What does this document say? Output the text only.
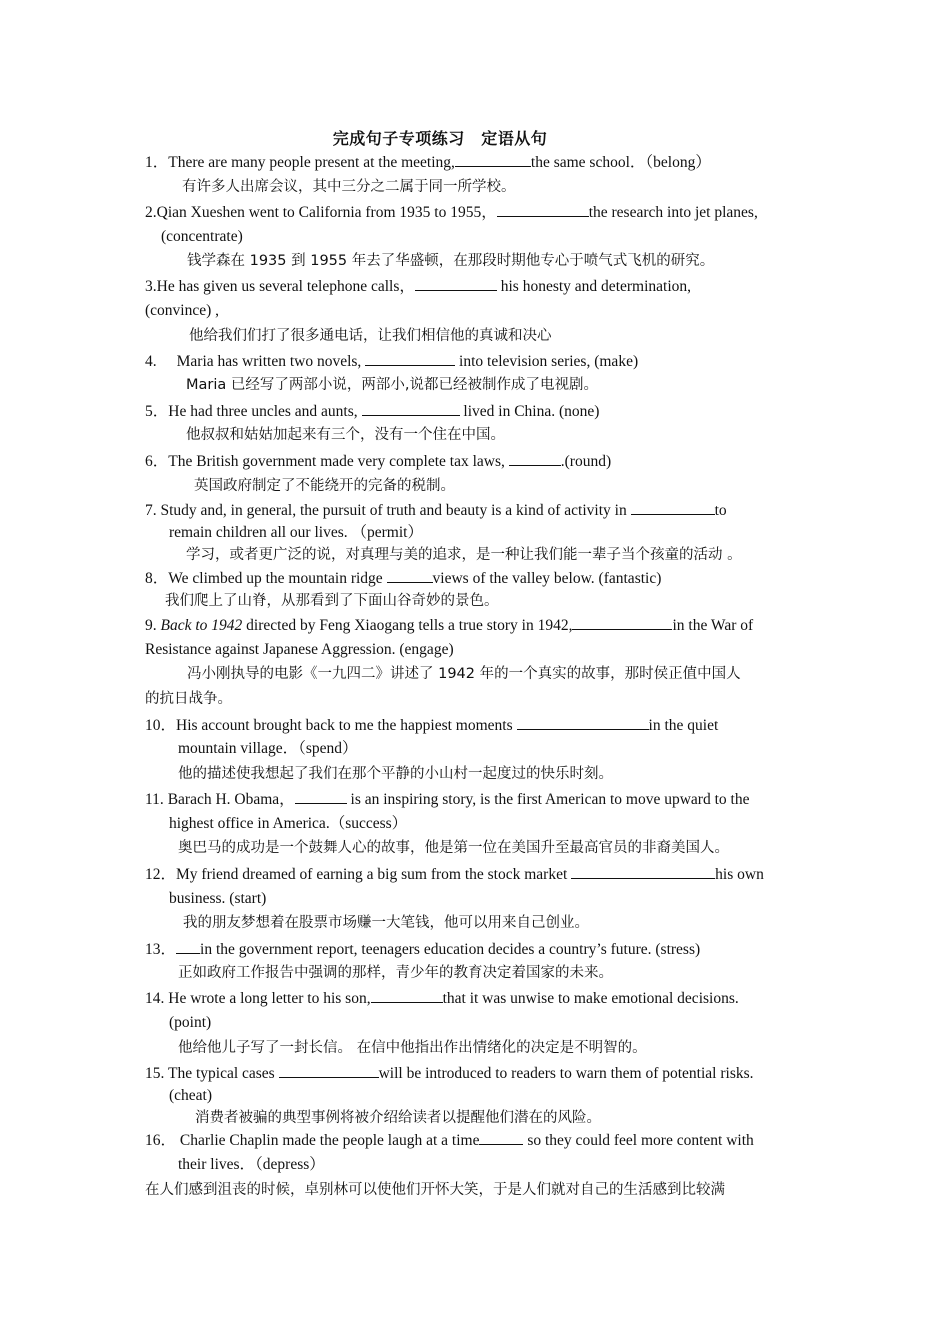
完成句子专项练习　定语从句
1．There are many people present at the meeting,	the same school．（belong）
有许多人出席会议，其中三分之二属于同一所学校。
2.Qian Xueshen went to California from 1935 to 1955，	the research into jet planes,
(concentrate)
钱学森在 1935 到 1955 年去了华盛顿，在那段时期他专心于喷气式飞机的研究。
3.He has given us several telephone calls，	his honesty and determination,
(convince) ,
他给我们们打了很多通电话，让我们相信他的真诚和决心
4. Maria has written two novels,	into television series, (make)
Maria 已经写了两部小说，两部小,说都已经被制作成了电视剧。
5．He had three uncles and aunts,	lived in China. (none)
他叔叔和姑姑加起来有三个，没有一个住在中国。
6．The British government made very complete tax laws,	.(round)
英国政府制定了不能绕开的完备的税制。
7. Study and, in general, the pursuit of truth and beauty is a kind of activity in	to
remain children all our lives. （permit）
学习，或者更广泛的说，对真理与美的追求，是一种让我们能一辈子当个孩童的活动 。
8．We climbed up the mountain ridge	views of the valley below. (fantastic)
我们爬上了山脊，从那看到了下面山谷奇妙的景色。
9. Back to 1942 directed by Feng Xiaogang tells a true story in 1942,	in the War of
Resistance against Japanese Aggression. (engage)
冯小刚执导的电影《一九四二》讲述了 1942 年的一个真实的故事，那时侯正值中国人
的抗日战争。
10．His account brought back to me the happiest moments	in the quiet
mountain village．（spend）
他的描述使我想起了我们在那个平静的小山村一起度过的快乐时刻。
11. Barach H. Obama，	is an inspiring story, is the first American to move upward to the
highest office in America.（success）
奥巴马的成功是一个鼓舞人心的故事，他是第一位在美国升至最高官员的非裔美国人。
12．My friend dreamed of earning a big sum from the stock market	his own
business. (start)
我的朋友梦想着在股票市场赚一大笔钱，他可以用来自己创业。
13． in the government report, teenagers education decides a country’s future. (stress)
正如政府工作报告中强调的那样，青少年的教育决定着国家的未来。
14. He wrote a long letter to his son,	that it was unwise to make emotional decisions.
(point)
他给他儿子写了一封长信。 在信中他指出作出情绪化的决定是不明智的。
15. The typical cases	will be introduced to readers to warn them of potential risks.
(cheat)
消费者被骗的典型事例将被介绍给读者以提醒他们潜在的风险。
16． Charlie Chaplin made the people laugh at a time	so they could feel more content with
their lives．（depress）
在人们感到沮丧的时候，卓别林可以使他们开怀大笑，于是人们就对自己的生活感到比较满
